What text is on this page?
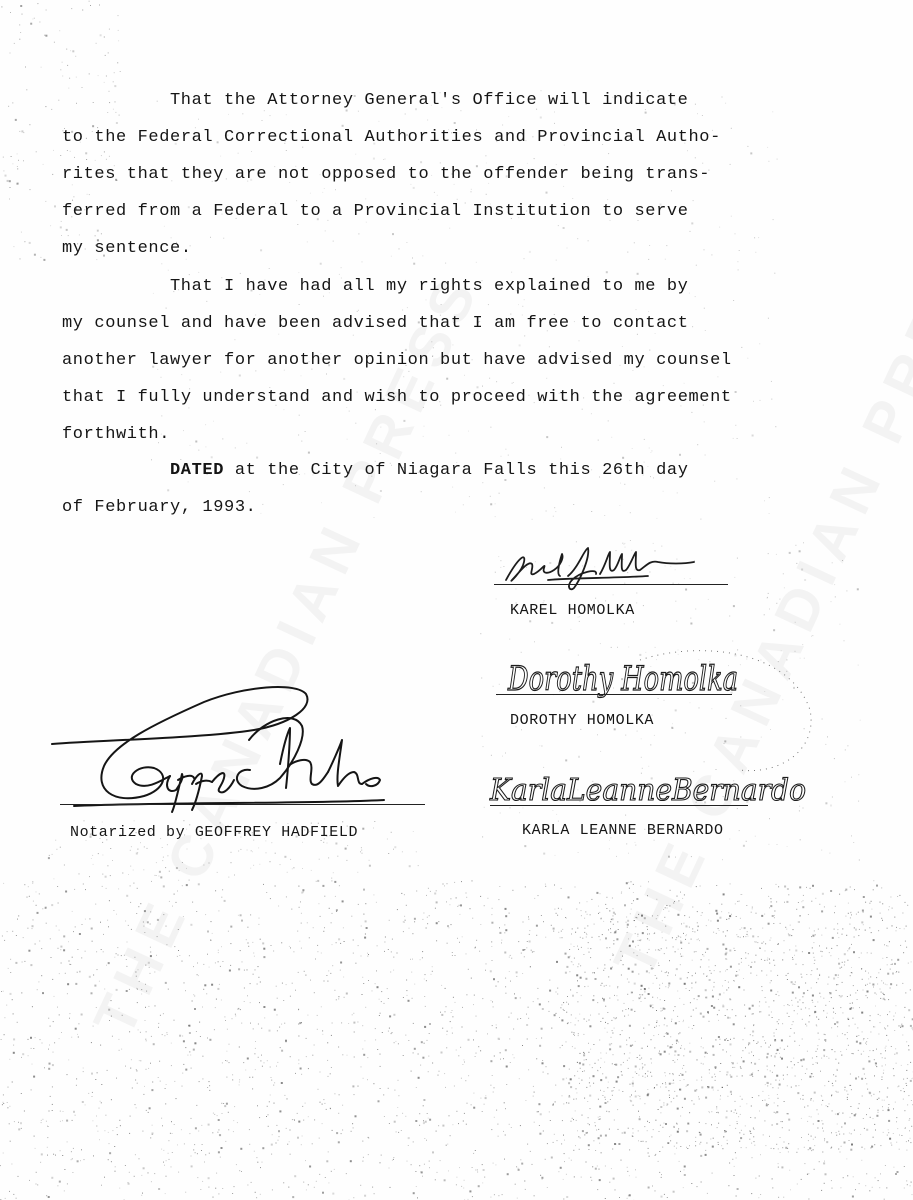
That the Attorney General's Office will indicate
to the Federal Correctional Authorities and Provincial Autho-
rites that they are not opposed to the offender being trans-
ferred from a Federal to a Provincial Institution to serve
my sentence.
That I have had all my rights explained to me by
my counsel and have been advised that I am free to contact
another lawyer for another opinion but have advised my counsel
that I fully understand and wish to proceed with the agreement
forthwith.
DATED at the City of Niagara Falls this 26th day
of February, 1993.
KAREL HOMOLKA
Dorothy Homolka
DOROTHY HOMOLKA
KarlaLeanneBernardo
KARLA LEANNE BERNARDO
Notarized by GEOFFREY HADFIELD
